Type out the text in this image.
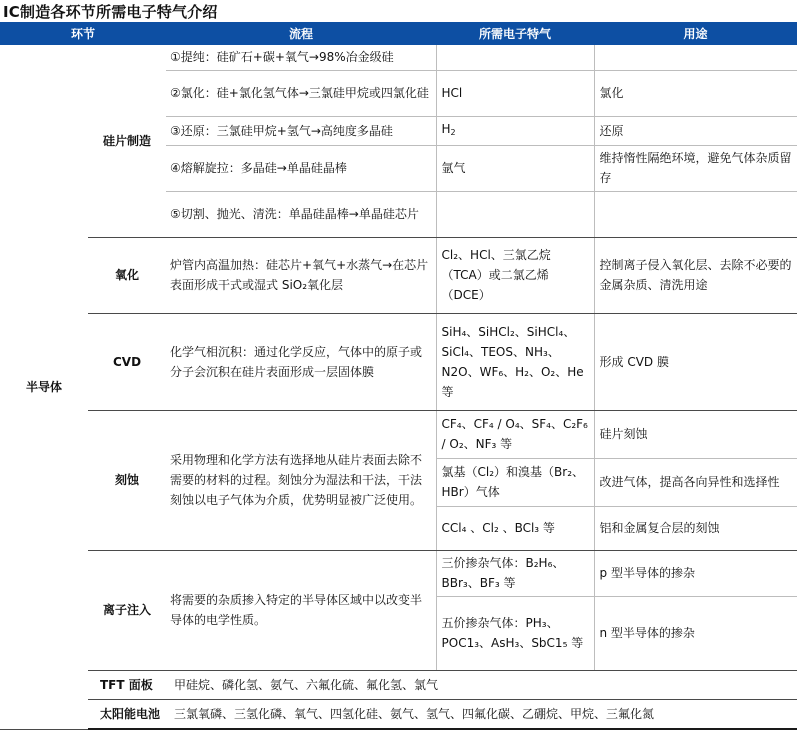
IC制造各环节所需电子特气介绍
环节		流程	所需电子特气	用途
半导体	硅片制造	①提纯：硅矿石+碳+氧气→98%冶金级硅		
		②氯化：硅+氯化氢气体→三氯硅甲烷或四氯化硅	HCl	氯化
		③还原：三氯硅甲烷+氢气→高纯度多晶硅	$H_2$	还原
		④熔解旋拉：多晶硅→单晶硅晶棒	氩气	维持惰性隔绝环境，避免气体杂质留存
		⑤切割、抛光、清洗：单晶硅晶棒→单晶硅芯片		
	氧化	炉管内高温加热：硅芯片+氧气+水蒸气→在芯片表面形成干式或湿式 SiO₂氧化层	Cl₂、HCl、三氯乙烷（TCA）或二氯乙烯（DCE）	控制离子侵入氧化层、去除不必要的金属杂质、清洗用途
	CVD	化学气相沉积：通过化学反应，气体中的原子或分子会沉积在硅片表面形成一层固体膜	SiH₄、SiHCl₂、SiHCl₄、SiCl₄、TEOS、NH₃、N2O、WF₆、H₂、O₂、He 等	形成 CVD 膜
	刻蚀	采用物理和化学方法有选择地从硅片表面去除不需要的材料的过程。刻蚀分为湿法和干法，干法刻蚀以电子气体为介质，优势明显被广泛使用。	CF₄、CF₄ / O₄、SF₄、C₂F₆ / O₂、NF₃ 等	硅片刻蚀
			氯基（Cl₂）和溴基（Br₂、HBr）气体	改进气体，提高各向异性和选择性
			CCl₄ 、Cl₂ 、BCl₃ 等	铝和金属复合层的刻蚀
	离子注入	将需要的杂质掺入特定的半导体区域中以改变半导体的电学性质。	三价掺杂气体：B₂H₆、BBr₃、BF₃ 等	p 型半导体的掺杂
			五价掺杂气体：PH₃、POC1₃、AsH₃、SbC1₅ 等	n 型半导体的掺杂
	TFT 面板	甲硅烷、磷化氢、氨气、六氟化硫、氟化氢、氯气		
	太阳能电池	三氯氧磷、三氢化磷、氧气、四氢化硅、氨气、氢气、四氟化碳、乙硼烷、甲烷、三氟化氮		
